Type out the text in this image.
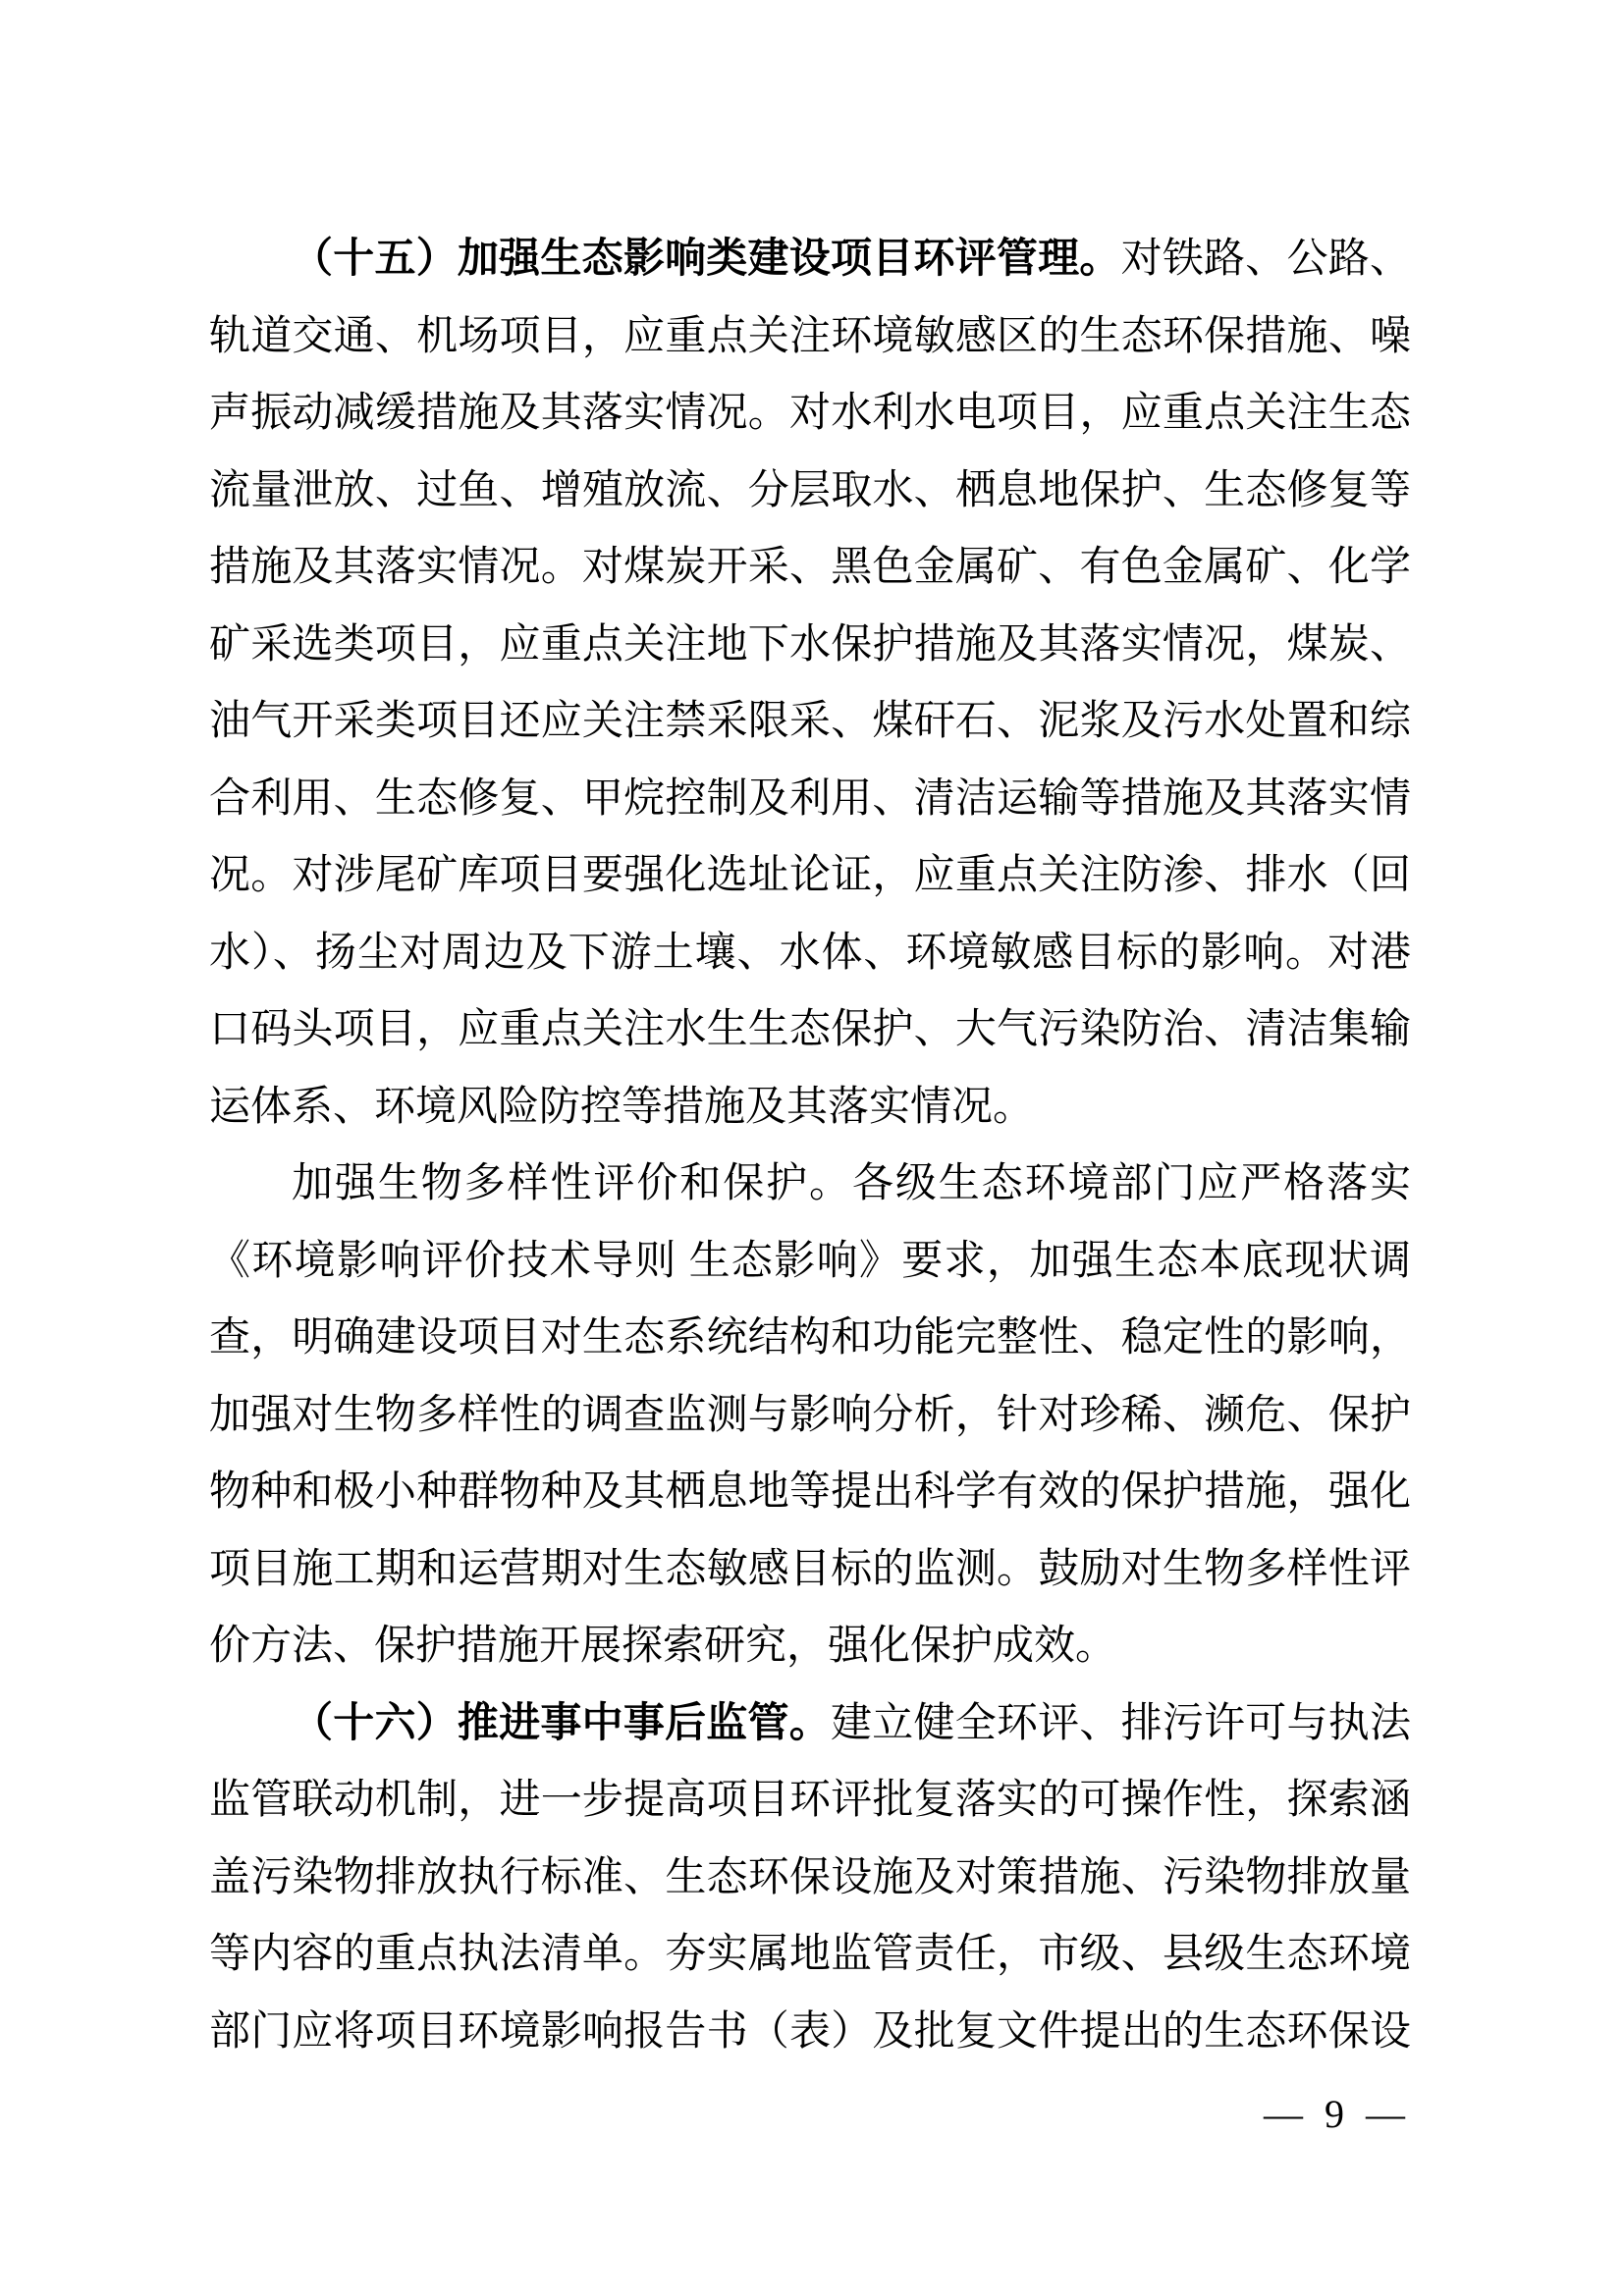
（十五）加强生态影响类建设项目环评管理。对铁路、公路、
轨道交通、机场项目，应重点关注环境敏感区的生态环保措施、噪
声振动减缓措施及其落实情况。对水利水电项目，应重点关注生态
流量泄放、过鱼、增殖放流、分层取水、栖息地保护、生态修复等
措施及其落实情况。对煤炭开采、黑色金属矿、有色金属矿、化学
矿采选类项目，应重点关注地下水保护措施及其落实情况，煤炭、
油气开采类项目还应关注禁采限采、煤矸石、泥浆及污水处置和综
合利用、生态修复、甲烷控制及利用、清洁运输等措施及其落实情
况。对涉尾矿库项目要强化选址论证，应重点关注防渗、排水（回
水）、扬尘对周边及下游土壤、水体、环境敏感目标的影响。对港
口码头项目，应重点关注水生生态保护、大气污染防治、清洁集输
运体系、环境风险防控等措施及其落实情况。
加强生物多样性评价和保护。各级生态环境部门应严格落实
《环境影响评价技术导则 生态影响》要求，加强生态本底现状调
查，明确建设项目对生态系统结构和功能完整性、稳定性的影响，
加强对生物多样性的调查监测与影响分析，针对珍稀、濒危、保护
物种和极小种群物种及其栖息地等提出科学有效的保护措施，强化
项目施工期和运营期对生态敏感目标的监测。鼓励对生物多样性评
价方法、保护措施开展探索研究，强化保护成效。
（十六）推进事中事后监管。建立健全环评、排污许可与执法
监管联动机制，进一步提高项目环评批复落实的可操作性，探索涵
盖污染物排放执行标准、生态环保设施及对策措施、污染物排放量
等内容的重点执法清单。夯实属地监管责任，市级、县级生态环境
部门应将项目环境影响报告书（表）及批复文件提出的生态环保设
— 9 —
